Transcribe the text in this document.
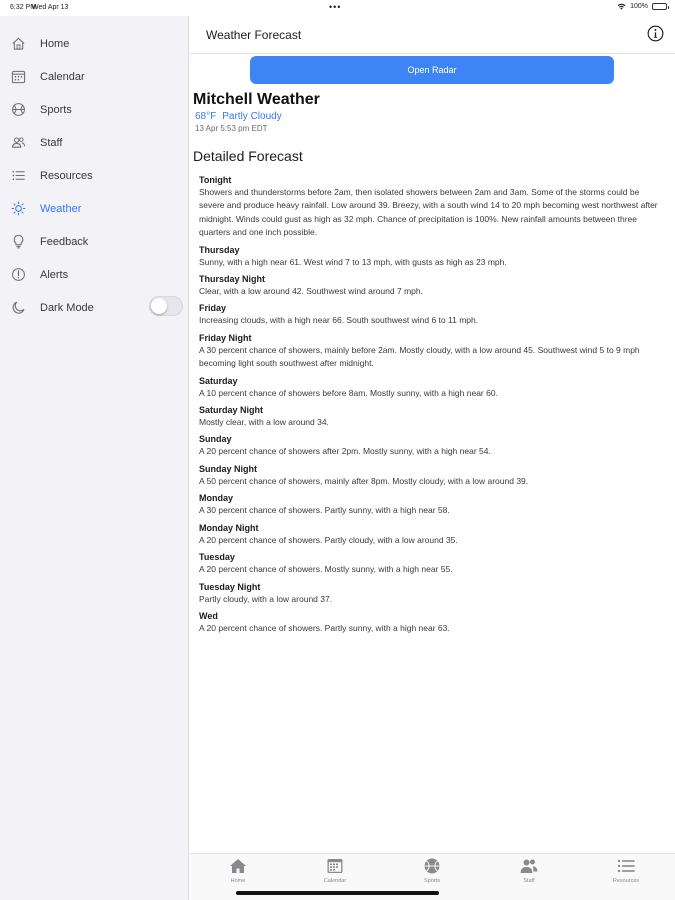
6:32 PM
Wed Apr 13	•••	100%
Home
Calendar
Sports
Staff
Resources
Weather
Feedback
Alerts
Dark Mode
Weather Forecast
Open Radar
Mitchell Weather
68°F Partly Cloudy
13 Apr 5:53 pm EDT
Detailed Forecast
Tonight
Showers and thunderstorms before 2am, then isolated showers between 2am and 3am. Some of the storms could be severe and produce heavy rainfall. Low around 39. Breezy, with a south wind 14 to 20 mph becoming west northwest after midnight. Winds could gust as high as 32 mph. Chance of precipitation is 100%. New rainfall amounts between three quarters and one inch possible.
Thursday
Sunny, with a high near 61. West wind 7 to 13 mph, with gusts as high as 23 mph.
Thursday Night
Clear, with a low around 42. Southwest wind around 7 mph.
Friday
Increasing clouds, with a high near 66. South southwest wind 6 to 11 mph.
Friday Night
A 30 percent chance of showers, mainly before 2am. Mostly cloudy, with a low around 45. Southwest wind 5 to 9 mph becoming light south southwest after midnight.
Saturday
A 10 percent chance of showers before 8am. Mostly sunny, with a high near 60.
Saturday Night
Mostly clear, with a low around 34.
Sunday
A 20 percent chance of showers after 2pm. Mostly sunny, with a high near 54.
Sunday Night
A 50 percent chance of showers, mainly after 8pm. Mostly cloudy, with a low around 39.
Monday
A 30 percent chance of showers. Partly sunny, with a high near 58.
Monday Night
A 20 percent chance of showers. Partly cloudy, with a low around 35.
Tuesday
A 20 percent chance of showers. Mostly sunny, with a high near 55.
Tuesday Night
Partly cloudy, with a low around 37.
Wed
A 20 percent chance of showers. Partly sunny, with a high near 63.
Home	Calendar	Sports	Staff	Resources
